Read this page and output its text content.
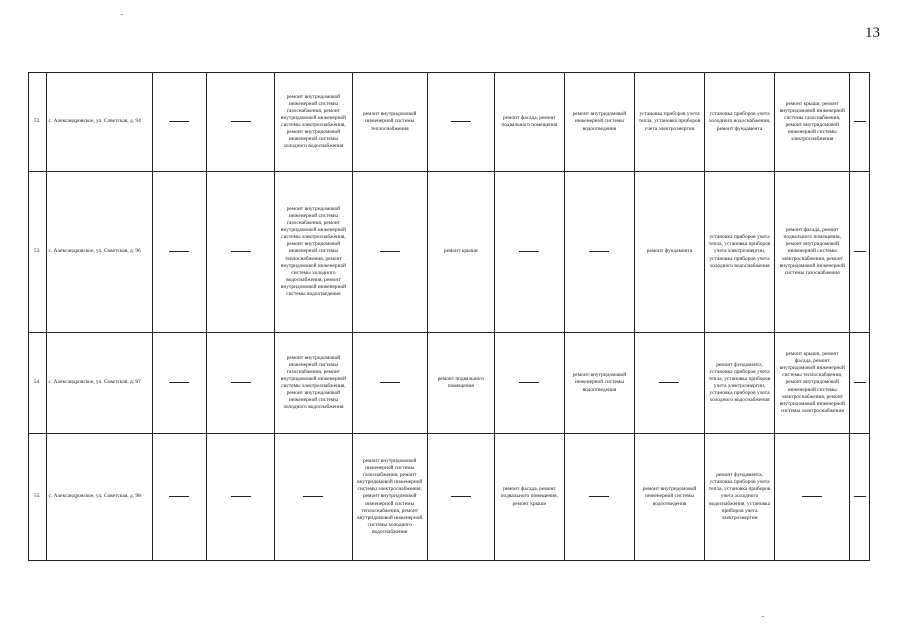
13
52.	с. Александровское, ул. Советская, д. 94			ремонт внутридомовой инженерной системы газоснабжения, ремонт внутридомовой инженерной системы электроснабжения, ремонт внутридомовой инженерной системы холодного водоснабжения	ремонт внутридомовой инженерной системы теплоснабжения		ремонт фасада, ремонт подвального помещения	ремонт внутридомовой инженерной системы водоотведения	установка приборов учета тепла, установка приборов учета электроэнергии	установка приборов учета холодного водоснабжения, ремонт фундамента	ремонт крыши, ремонт внутридомовой инженерной системы газоснабжения, ремонт внутридомовой инженерной системы электроснабжения	
53.	с. Александровское, ул. Советская, д. 96			ремонт внутридомовой инженерной системы газоснабжения, ремонт внутридомовой инженерной системы электроснабжения, ремонт внутридомовой инженерной системы теплоснабжения, ремонт внутридомовой инженерной системы холодного водоснабжения, ремонт внутридомовой инженерной системы водоотведения		ремонт крыши			ремонт фундамента	установка приборов учета тепла, установка приборов учета электроэнергии, установка приборов учета холодного водоснабжения	ремонт фасада, ремонт подвального помещения, ремонт внутридомовой инженерной системы электроснабжения, ремонт внутридомовой инженерной системы газоснабжения	
54.	с. Александровское, ул. Советская, д. 97			ремонт внутридомовой инженерной системы газоснабжения, ремонт внутридомовой инженерной системы электроснабжения, ремонт внутридомовой инженерной системы холодного водоснабжения		ремонт подвального помещения		ремонт внутридомовой инженерной системы водоотведения		ремонт фундамента, установка приборов учета тепла, установка приборов учета электроэнергии, установка приборов учета холодного водоснабжения	ремонт крыши, ремонт фасада, ремонт внутридомовой инженерной системы теплоснабжения, ремонт внутридомовой инженерной системы электроснабжения, ремонт внутридомовой инженерной системы электроснабжения	
55.	с. Александровское, ул. Советская, д. 98				ремонт внутридомовой инженерной системы газоснабжения, ремонт внутридомовой инженерной системы электроснабжения, ремонт внутридомовой инженерной системы теплоснабжения, ремонт внутридомовой инженерной системы холодного водоснабжения		ремонт фасада, ремонт подвального помещения, ремонт крыши		ремонт внутридомовой инженерной системы водоотведения	ремонт фундамента, установка приборов учета тепла, установка приборов учета холодного водоснабжения, установка приборов учета электроэнергии		
